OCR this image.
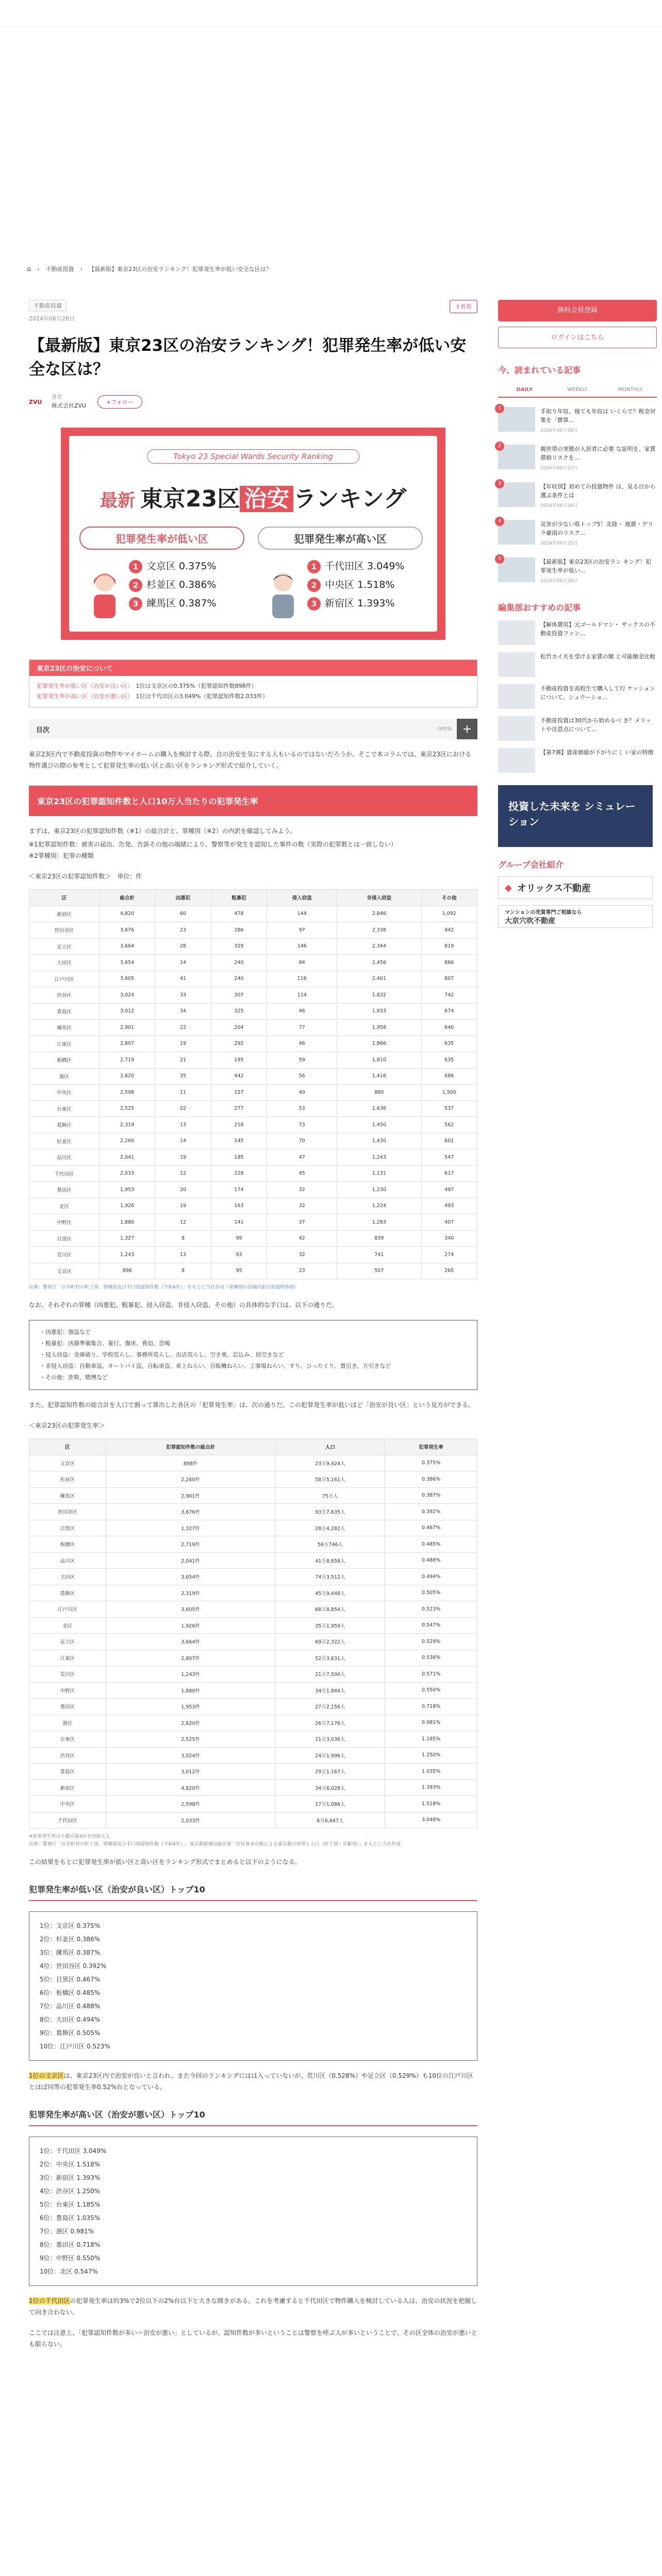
⌂ › 不動産投資 › 【最新版】東京23区の治安ランキング！犯罪発生率が低い安全な区は？
不動産投資
2024年06月28日
⇪ 共有
【最新版】東京23区の治安ランキング！犯罪発生率が低い安全な区は？
ZVU
著者
株式会社ZVU
+フォロー
Tokyo 23 Special Wards Security Ranking
最新 東京23区 治安 ランキング
犯罪発生率が低い区
1 文京区 0.375%
2 杉並区 0.386%
3 練馬区 0.387%
犯罪発生率が高い区
1 千代田区 3.049%
2 中央区 1.518%
3 新宿区 1.393%
東京23区の治安について
犯罪発生率が低い区（治安が良い区）　 1位は文京区の0.375%（犯罪認知件数898件）
犯罪発生率が高い区（治安が悪い区）　 1位は千代田区の3.049%（犯罪認知件数2,033件）
目次	OPEN +

東京23区内で不動産投資の物件やマイホームの購入を検討する際、自の治安を気にする人もいるのではないだろうか。そこで本コラムでは、東京23区における物件選びの際の参考として犯罪発生率の低い区と高い区をランキング形式で紹介していく。

東京23区の犯罪認知件数と人口10万人当たりの犯罪発生率

まずは、東京23区の犯罪認知件数（※1）の総合計と、罪種別（※2）の内訳を確認してみよう。

※1犯罪認知件数：被害の届出、告発、告訴その他の端緒により、警察等が発生を認知した事件の数（実際の犯罪数とは一致しない）

※2罪種別：犯罪の種類

＜東京23区の犯罪認知件数＞　単位：件

区	総合計	凶悪犯	粗暴犯	侵入窃盗	非侵入窃盗	その他
新宿区	4,820	60	478	144	2,846	1,092
世田谷区	3,676	23	286	97	2,338	942
足立区	3,664	28	329	146	2,344	819
大田区	3,654	14	240	84	2,456	866
江戸川区	3,605	41	240	116	2,401	807
渋谷区	3,024	33	307	114	1,832	742
豊島区	3,012	34	325	46	1,933	674
練馬区	2,901	22	204	77	1,958	640
江東区	2,807	19	292	46	1,866	635
板橋区	2,719	21	195	59	1,810	635
港区	2,620	35	442	56	1,416	686
中央区	2,598	11	157	40	880	1,500
台東区	2,525	22	277	53	1,636	537
葛飾区	2,319	13	218	73	1,450	562
杉並区	2,260	14	145	70	1,430	601
品川区	2,041	19	185	47	1,243	547
千代田区	2,033	12	228	45	1,131	617
墨田区	1,953	20	174	32	1,230	497
北区	1,926	19	163	32	1,224	493
中野区	1,880	12	141	37	1,283	407
目黒区	1,327	8	99	42	839	340
荒川区	1,243	13	93	32	741	274
文京区	898	8	95	23	507	265
出典：警視庁「区市町村の町丁別、罪種別及び手口別認知件数（令和4年）」をもとに当社作成（罪種別の詳細内訳は原資料参照）

なお、それぞれの罪種（凶悪犯、粗暴犯、侵入窃盗、非侵入窃盗、その他）の具体的な手口は、以下の通りだ。

・凶悪犯：強盗など
・粗暴犯：凶器準備集合、暴行、傷害、脅迫、恐喝
・侵入窃盗：金庫破り、学校荒らし、事務所荒らし、出店荒らし、空き巣、忍込み、居空きなど
・非侵入窃盗：自動車盗、オートバイ盗、自転車盗、車上ねらい、自販機ねらい、工事場ねらい、すり、ひったくり、置引き、万引きなど
・その他：詐欺、賭博など

また、犯罪認知件数の総合計を人口で割って算出した各区の「犯罪発生率」は、次の通りだ。この犯罪発生率が低いほど「治安が良い区」という見方ができる。

＜東京23区の犯罪発生率＞

区	犯罪認知件数の総合計	人口	犯罪発生率
文京区	898件	23万9,424人	0.375%
杉並区	2,260件	58万5,161人	0.386%
練馬区	2,901件	75万人	0.387%
世田谷区	3,676件	93万7,635人	0.392%
目黒区	1,327件	28万4,282人	0.467%
板橋区	2,719件	56万746人	0.485%
品川区	2,041件	41万8,658人	0.488%
大田区	3,654件	74万3,512人	0.494%
葛飾区	2,319件	45万9,448人	0.505%
江戸川区	3,605件	68万8,854人	0.523%
北区	1,926件	35万1,959人	0.547%
足立区	3,664件	69万2,322人	0.529%
江東区	2,807件	52万3,631人	0.536%
荒川区	1,243件	21万7,500人	0.571%
中野区	1,880件	34万1,844人	0.550%
墨田区	1,953件	27万2,156人	0.718%
港区	2,620件	26万7,176人	0.981%
台東区	2,525件	21万3,036人	1.185%
渋谷区	3,024件	24万1,996人	1.250%
豊島区	3,012件	29万1,167人	1.035%
新宿区	4,820件	34万6,028人	1.393%
中央区	2,598件	17万1,086人	1.518%
千代田区	2,033件	6万6,647人	3.049%
※犯罪発生率は小数点第4位を四捨五入
出典：警視庁「区市町村の町丁別、罪種別及び手口別認知件数（令和4年）」、東京都総務局統計部「住民基本台帳による東京都の世帯と人口（町丁別・年齢別）」をもとに当社作成

この結果をもとに犯罪発生率が低い区と高い区をランキング形式でまとめると以下のようになる。

犯罪発生率が低い区（治安が良い区）トップ10
1位：文京区 0.375%
2位：杉並区 0.386%
3位：練馬区 0.387%
4位：世田谷区 0.392%
5位：目黒区 0.467%
6位：板橋区 0.485%
7位：品川区 0.488%
8位：大田区 0.494%
9位：葛飾区 0.505%
10位：江戸川区 0.523%

1位の文京区は、東京23区内で治安が良いと言われ、また今回のランキングにはは入っていないが、荒川区（0.528%）や足立区（0.529%）も10位の江戸川区とほぼ同等の犯罪発生率0.52%台となっている。

犯罪発生率が高い区（治安が悪い区）トップ10
1位：千代田区 3.049%
2位：中央区 1.518%
3位：新宿区 1.393%
4位：渋谷区 1.250%
5位：台東区 1.185%
6位：豊島区 1.035%
7位：港区 0.981%
8位：墨田区 0.718%
9位：中野区 0.550%
10位：北区 0.547%

1位の千代田区の犯罪発生率は約3%で2位以下の2%台以下と大きな開きがある。これを考慮すると千代田区で物件購入を検討している人は、治安の状況を把握して向き合わない。

ここでは注意上、「犯罪認知件数が多い＝治安が悪い」としているが、認知件数が多いということは警察を呼ぶ人が多いということで、その区全体の治安が悪いとも限らない。

無料会員登録
ログインはこちら
今、読まれている記事
DAILY	WEEKLY	MONTHLY
1	手取り年収、寝ても年収は いくらで？税金対策を「勝算...
2024年06月28日
2	親世帯の実態が入居者に必要 な証明を、家賃滞納リスクを...
2024年06月27日
3	【年収別】初めての投資物件 は、見る目から選ぶ条件とは
2024年06月26日
4	災害が少ない県トップ5！北陸・ 地震・ゲリラ豪雨のリスク...
2024年06月25日
5	【最新版】東京23区の治安ラン キング！犯罪発生率が低い...
2024年06月28日
編集部おすすめの記事
【解体費用】元ゴールドマン・ サックスの不動産投資ファン...
松竹カイ夫を受ける家賃の額 と可能額金比較
不動産投資を高校生で購入して行 ケッションについて、シュウーショ...
不動産投資は30代から始めるべ き？メリットや注意点について...
【第7弾】資産価値が下がりにく い家の特徴
投資した未来を シミュレーション
グループ会社紹介
◆ オリックス不動産
マンションの売買専門ご相談なら
大京穴吹不動産
